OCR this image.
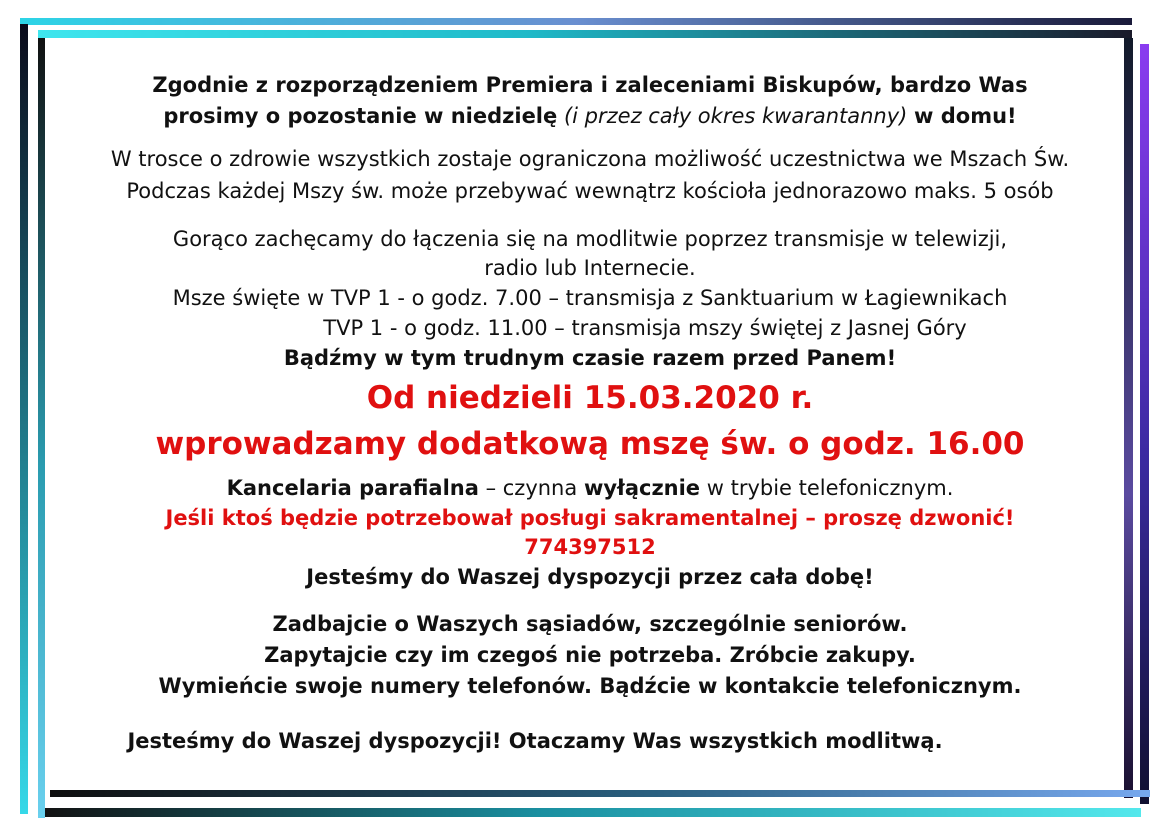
Zgodnie z rozporządzeniem Premiera i zaleceniami Biskupów, bardzo Was

prosimy o pozostanie w niedzielę (i przez cały okres kwarantanny) w domu!

W trosce o zdrowie wszystkich zostaje ograniczona możliwość uczestnictwa we Mszach Św.

Podczas każdej Mszy św. może przebywać wewnątrz kościoła jednorazowo maks. 5 osób

Gorąco zachęcamy do łączenia się na modlitwie poprzez transmisje w telewizji,

radio lub Internecie.

Msze święte w TVP 1 - o godz. 7.00 – transmisja z Sanktuarium w Łagiewnikach

TVP 1 - o godz. 11.00 – transmisja mszy świętej z Jasnej Góry

Bądźmy w tym trudnym czasie razem przed Panem!

Od niedzieli 15.03.2020 r.

wprowadzamy dodatkową mszę św. o godz. 16.00

Kancelaria parafialna – czynna wyłącznie w trybie telefonicznym.

Jeśli ktoś będzie potrzebował posługi sakramentalnej – proszę dzwonić!

774397512

Jesteśmy do Waszej dyspozycji przez cała dobę!

Zadbajcie o Waszych sąsiadów, szczególnie seniorów.

Zapytajcie czy im czegoś nie potrzeba. Zróbcie zakupy.

Wymieńcie swoje numery telefonów. Bądźcie w kontakcie telefonicznym.

Jesteśmy do Waszej dyspozycji! Otaczamy Was wszystkich modlitwą.
